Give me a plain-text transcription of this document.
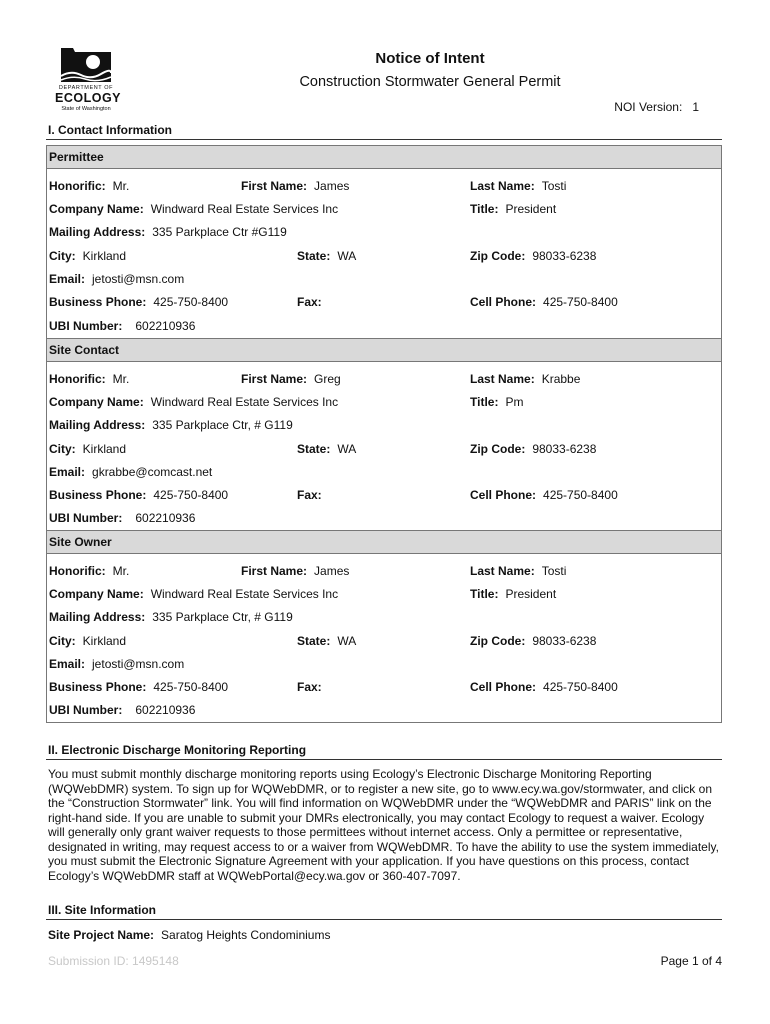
DEPARTMENT OF
ECOLOGY
State of Washington
Notice of Intent
Construction Stormwater General Permit
NOI Version: 1
I. Contact Information
Permittee
Honorific: Mr.	First Name: James	Last Name: Tosti
Company Name: Windward Real Estate Services Inc	Title: President
Mailing Address: 335 Parkplace Ctr #G119
City: Kirkland	State: WA	Zip Code: 98033-6238
Email: jetosti@msn.com
Business Phone: 425-750-8400	Fax:	Cell Phone: 425-750-8400
UBI Number: 602210936
Site Contact
Honorific: Mr.	First Name: Greg	Last Name: Krabbe
Company Name: Windward Real Estate Services Inc	Title: Pm
Mailing Address: 335 Parkplace Ctr, # G119
City: Kirkland	State: WA	Zip Code: 98033-6238
Email: gkrabbe@comcast.net
Business Phone: 425-750-8400	Fax:	Cell Phone: 425-750-8400
UBI Number: 602210936
Site Owner
Honorific: Mr.	First Name: James	Last Name: Tosti
Company Name: Windward Real Estate Services Inc	Title: President
Mailing Address: 335 Parkplace Ctr, # G119
City: Kirkland	State: WA	Zip Code: 98033-6238
Email: jetosti@msn.com
Business Phone: 425-750-8400	Fax:	Cell Phone: 425-750-8400
UBI Number: 602210936
II. Electronic Discharge Monitoring Reporting
You must submit monthly discharge monitoring reports using Ecology’s Electronic Discharge Monitoring Reporting (WQWebDMR) system. To sign up for WQWebDMR, or to register a new site, go to www.ecy.wa.gov/stormwater, and click on the “Construction Stormwater” link. You will find information on WQWebDMR under the “WQWebDMR and PARIS” link on the right-hand side. If you are unable to submit your DMRs electronically, you may contact Ecology to request a waiver. Ecology will generally only grant waiver requests to those permittees without internet access. Only a permittee or representative, designated in writing, may request access to or a waiver from WQWebDMR. To have the ability to use the system immediately, you must submit the Electronic Signature Agreement with your application. If you have questions on this process, contact Ecology’s WQWebDMR staff at WQWebPortal@ecy.wa.gov or 360-407-7097.
III. Site Information
Site Project Name: Saratog Heights Condominiums
Submission ID: 1495148	Page 1 of 4
